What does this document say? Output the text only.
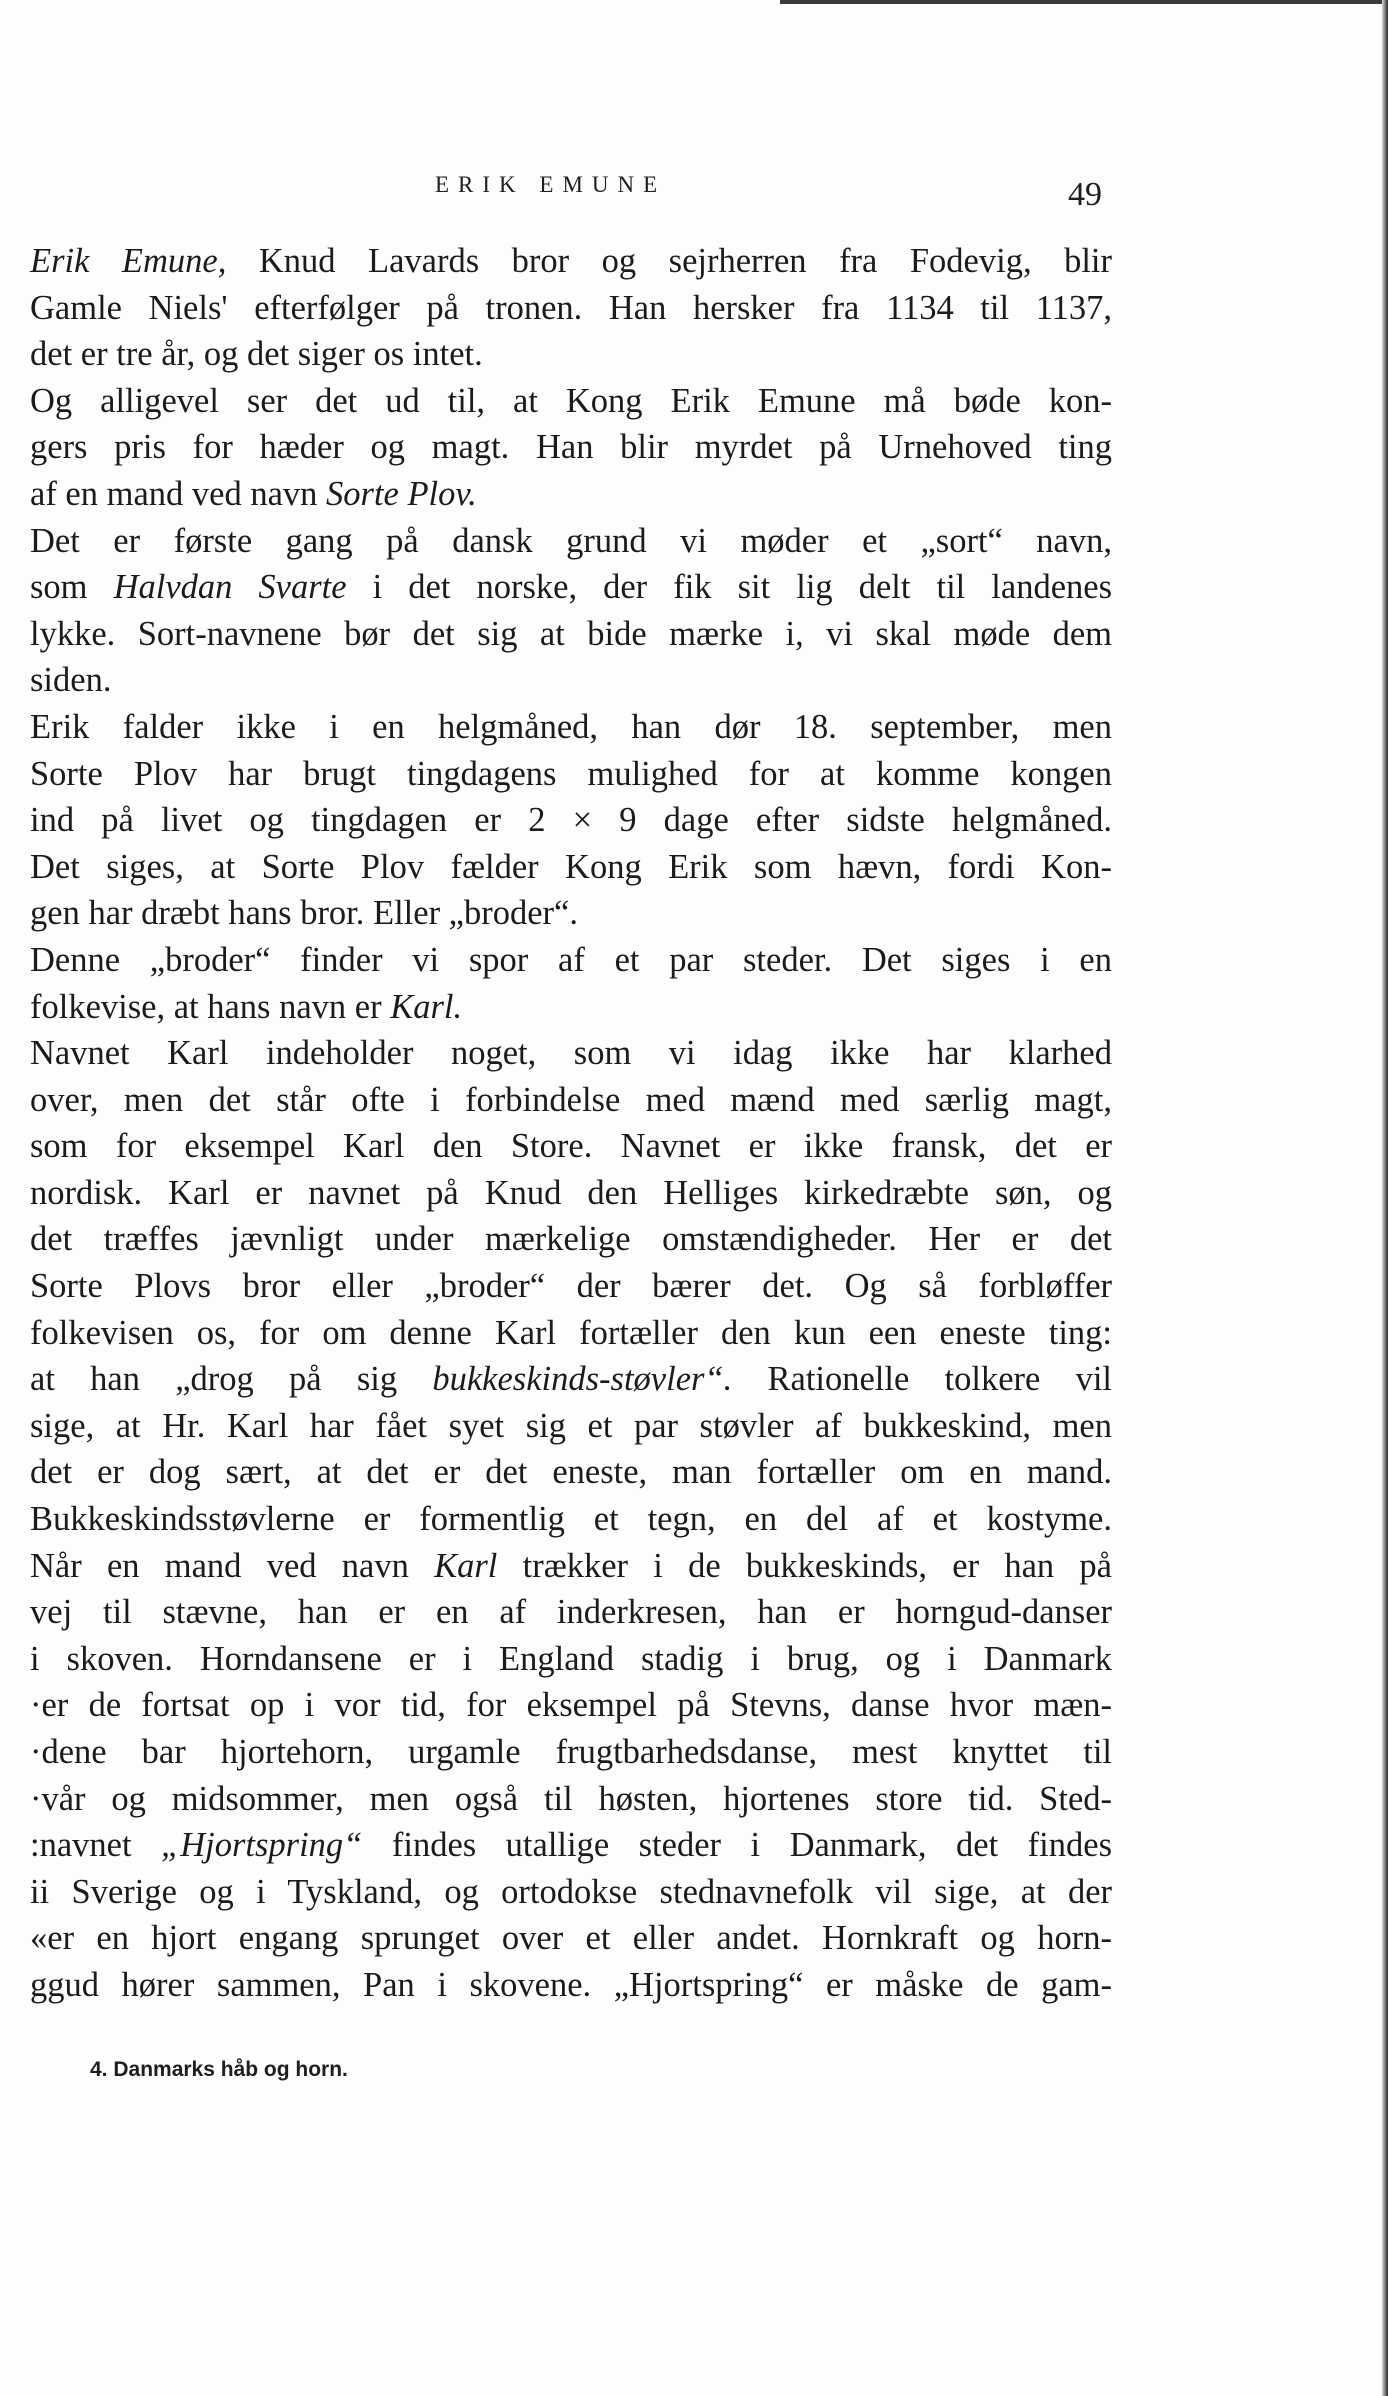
ERIK EMUNE	49
Erik Emune, Knud Lavards bror og sejrherren fra Fodevig, blir
Gamle Niels' efterfølger på tronen. Han hersker fra 1134 til 1137,
det er tre år, og det siger os intet.
Og alligevel ser det ud til, at Kong Erik Emune må bøde kon-
gers pris for hæder og magt. Han blir myrdet på Urnehoved ting
af en mand ved navn Sorte Plov.
Det er første gang på dansk grund vi møder et „sort“ navn,
som Halvdan Svarte i det norske, der fik sit lig delt til landenes
lykke. Sort-navnene bør det sig at bide mærke i, vi skal møde dem
siden.
Erik falder ikke i en helgmåned, han dør 18. september, men
Sorte Plov har brugt tingdagens mulighed for at komme kongen
ind på livet og tingdagen er 2 × 9 dage efter sidste helgmåned.
Det siges, at Sorte Plov fælder Kong Erik som hævn, fordi Kon-
gen har dræbt hans bror. Eller „broder“.
Denne „broder“ finder vi spor af et par steder. Det siges i en
folkevise, at hans navn er Karl.
Navnet Karl indeholder noget, som vi idag ikke har klarhed
over, men det står ofte i forbindelse med mænd med særlig magt,
som for eksempel Karl den Store. Navnet er ikke fransk, det er
nordisk. Karl er navnet på Knud den Helliges kirkedræbte søn, og
det træffes jævnligt under mærkelige omstændigheder. Her er det
Sorte Plovs bror eller „broder“ der bærer det. Og så forbløffer
folkevisen os, for om denne Karl fortæller den kun een eneste ting:
at han „drog på sig bukkeskinds-støvler“. Rationelle tolkere vil
sige, at Hr. Karl har fået syet sig et par støvler af bukkeskind, men
det er dog sært, at det er det eneste, man fortæller om en mand.
Bukkeskindsstøvlerne er formentlig et tegn, en del af et kostyme.
Når en mand ved navn Karl trækker i de bukkeskinds, er han på
vej til stævne, han er en af inderkresen, han er horngud-danser
i skoven. Horndansene er i England stadig i brug, og i Danmark
·er de fortsat op i vor tid, for eksempel på Stevns, danse hvor mæn-
·dene bar hjortehorn, urgamle frugtbarhedsdanse, mest knyttet til
·vår og midsommer, men også til høsten, hjortenes store tid. Sted-
:navnet „Hjortspring“ findes utallige steder i Danmark, det findes
ii Sverige og i Tyskland, og ortodokse stednavnefolk vil sige, at der
«er en hjort engang sprunget over et eller andet. Hornkraft og horn-
ggud hører sammen, Pan i skovene. „Hjortspring“ er måske de gam-
4. Danmarks håb og horn.
